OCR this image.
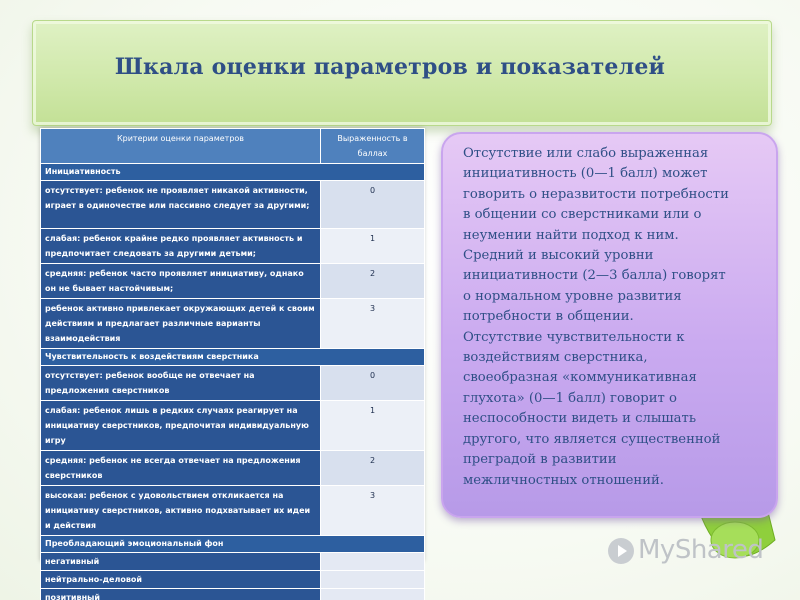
Шкала оценки параметров и показателей
Критерии оценки параметров	Выраженность в баллах
Инициативность	
отсутствует: ребенок не проявляет никакой активности, играет в одиночестве или пассивно следует за другими;	0
слабая: ребенок крайне редко проявляет активность и предпочитает следовать за другими детьми;	1
средняя: ребенок часто проявляет инициативу, однако он не бывает настойчивым;	2
ребенок активно привлекает окружающих детей к своим действиям и предлагает различные варианты взаимодействия	3
Чувствительность к воздействиям сверстника	
отсутствует: ребенок вообще не отвечает на предложения сверстников	0
слабая: ребенок лишь в редких случаях реагирует на инициативу сверстников, предпочитая индивидуальную игру	1
средняя: ребенок не всегда отвечает на предложения сверстников	2
высокая: ребенок с удовольствием откликается на инициативу сверстников, активно подхватывает их идеи и действия	3
Преобладающий эмоциональный фон	
негативный	
нейтрально-деловой	
позитивный	
Отсутствие или слабо выраженная
инициативность (0—1 балл) может
говорить о неразвитости потребности
в общении со сверстниками или о
неумении найти подход к ним.
Средний и высокий уровни
инициативности (2—3 балла) говорят
о нормальном уровне развития
потребности в общении.
Отсутствие чувствительности к
воздействиям сверстника,
своеобразная «коммуникативная
глухота» (0—1 балл) говорит о
неспособности видеть и слышать
другого, что является существенной
преградой в развитии
межличностных отношений.
MyShared
